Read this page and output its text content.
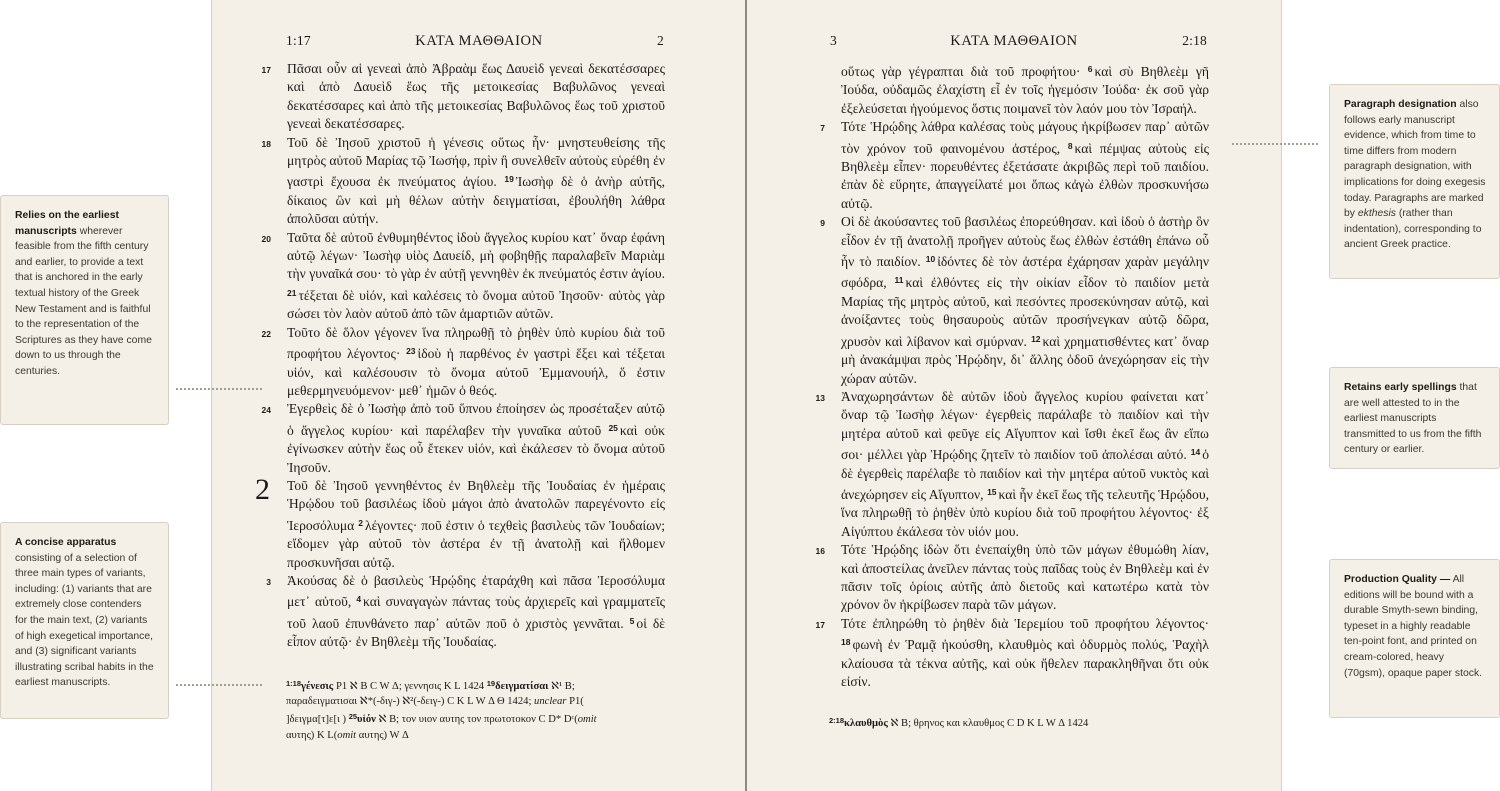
1:17	ΚΑΤΑ ΜΑΘΘΑΙΟΝ	2

17 Πᾶσαι οὖν αἱ γενεαὶ ἀπὸ Ἀβραὰμ ἕως Δαυεὶδ γενεαὶ δεκατέσσαρες καὶ ἀπὸ Δαυεὶδ ἕως τῆς μετοικεσίας Βαβυλῶνος γενεαὶ δεκατέσσαρες καὶ ἀπὸ τῆς μετοικεσίας Βαβυλῶνος ἕως τοῦ χριστοῦ γενεαὶ δεκατέσσαρες.

18 Τοῦ δὲ Ἰησοῦ χριστοῦ ἡ γένεσις οὕτως ἦν· μνηστευθείσης τῆς μητρὸς αὐτοῦ Μαρίας τῷ Ἰωσήφ, πρὶν ἢ συνελθεῖν αὐτοὺς εὑρέθη ἐν γαστρὶ ἔχουσα ἐκ πνεύματος ἁγίου. $^{19}$ Ἰωσὴφ δὲ ὁ ἀνὴρ αὐτῆς, δίκαιος ὢν καὶ μὴ θέλων αὐτὴν δειγματίσαι, ἐβουλήθη λάθρα ἀπολῦσαι αὐτήν.

20 Ταῦτα δὲ αὐτοῦ ἐνθυμηθέντος ἰδοὺ ἄγγελος κυρίου κατ᾽ ὄναρ ἐφάνη αὐτῷ λέγων· Ἰωσὴφ υἱὸς Δαυείδ, μὴ φοβηθῇς παραλαβεῖν Μαριὰμ τὴν γυναῖκά σου· τὸ γὰρ ἐν αὐτῇ γεννηθὲν ἐκ πνεύματός ἐστιν ἁγίου. $^{21}$ τέξεται δὲ υἱόν, καὶ καλέσεις τὸ ὄνομα αὐτοῦ Ἰησοῦν· αὐτὸς γὰρ σώσει τὸν λαὸν αὐτοῦ ἀπὸ τῶν ἁμαρτιῶν αὐτῶν.

22 Τοῦτο δὲ ὅλον γέγονεν ἵνα πληρωθῇ τὸ ῥηθὲν ὑπὸ κυρίου διὰ τοῦ προφήτου λέγοντος· $^{23}$ ἰδοὺ ἡ παρθένος ἐν γαστρὶ ἕξει καὶ τέξεται υἱόν, καὶ καλέσουσιν τὸ ὄνομα αὐτοῦ Ἐμμανουήλ, ὅ ἐστιν μεθερμηνευόμενον· μεθ᾽ ἡμῶν ὁ θεός.

24 Ἐγερθεὶς δὲ ὁ Ἰωσὴφ ἀπὸ τοῦ ὕπνου ἐποίησεν ὡς προσέταξεν αὐτῷ ὁ ἄγγελος κυρίου· καὶ παρέλαβεν τὴν γυναῖκα αὐτοῦ $^{25}$ καὶ οὐκ ἐγίνωσκεν αὐτὴν ἕως οὗ ἔτεκεν υἱόν, καὶ ἐκάλεσεν τὸ ὄνομα αὐτοῦ Ἰησοῦν.

2 Τοῦ δὲ Ἰησοῦ γεννηθέντος ἐν Βηθλεὲμ τῆς Ἰουδαίας ἐν ἡμέραις Ἡρῴδου τοῦ βασιλέως ἰδοὺ μάγοι ἀπὸ ἀνατολῶν παρεγένοντο εἰς Ἱεροσόλυμα $^2$ λέγοντες· ποῦ ἐστιν ὁ τεχθεὶς βασιλεὺς τῶν Ἰουδαίων; εἴδομεν γὰρ αὐτοῦ τὸν ἀστέρα ἐν τῇ ἀνατολῇ καὶ ἤλθομεν προσκυνῆσαι αὐτῷ.

3 Ἀκούσας δὲ ὁ βασιλεὺς Ἡρῴδης ἐταράχθη καὶ πᾶσα Ἱεροσόλυμα μετ᾽ αὐτοῦ, $^4$ καὶ συναγαγὼν πάντας τοὺς ἀρχιερεῖς καὶ γραμματεῖς τοῦ λαοῦ ἐπυνθάνετο παρ᾽ αὐτῶν ποῦ ὁ χριστὸς γεννᾶται. $^5$ οἱ δὲ εἶπον αὐτῷ· ἐν Βηθλεὲμ τῆς Ἰουδαίας.

$^{1:18}$γένεσις P1 ℵ B C W Δ; γεννησις K L 1424 $^{19}$δειγματίσαι ℵ¹ B; παραδειγματισαι ℵ*(-διγ-) ℵ²(-δειγ-) C K L W Δ Θ 1424; unclear P1( ]δειγμα[τ]ε[ι ) $^{25}$υἱόν ℵ B; τον υιον αυτης τον πρωτοτοκον C D* Dᶜ(omit αυτης) K L(omit αυτης) W Δ
3	ΚΑΤΑ ΜΑΘΘΑΙΟΝ	2:18

οὕτως γὰρ γέγραπται διὰ τοῦ προφήτου· $^6$ καὶ σὺ Βηθλεὲμ γῆ Ἰούδα, οὐδαμῶς ἐλαχίστη εἶ ἐν τοῖς ἡγεμόσιν Ἰούδα· ἐκ σοῦ γὰρ ἐξελεύσεται ἡγούμενος ὅστις ποιμανεῖ τὸν λαόν μου τὸν Ἰσραήλ.

7 Τότε Ἡρῴδης λάθρα καλέσας τοὺς μάγους ἠκρίβωσεν παρ᾽ αὐτῶν τὸν χρόνον τοῦ φαινομένου ἀστέρος, $^8$ καὶ πέμψας αὐτοὺς εἰς Βηθλεὲμ εἶπεν· πορευθέντες ἐξετάσατε ἀκριβῶς περὶ τοῦ παιδίου. ἐπὰν δὲ εὕρητε, ἀπαγγείλατέ μοι ὅπως κἀγὼ ἐλθὼν προσκυνήσω αὐτῷ.

9 Οἱ δὲ ἀκούσαντες τοῦ βασιλέως ἐπορεύθησαν. καὶ ἰδοὺ ὁ ἀστὴρ ὃν εἶδον ἐν τῇ ἀνατολῇ προῆγεν αὐτοὺς ἕως ἐλθὼν ἐστάθη ἐπάνω οὗ ἦν τὸ παιδίον. $^{10}$ ἰδόντες δὲ τὸν ἀστέρα ἐχάρησαν χαρὰν μεγάλην σφόδρα, $^{11}$ καὶ ἐλθόντες εἰς τὴν οἰκίαν εἶδον τὸ παιδίον μετὰ Μαρίας τῆς μητρὸς αὐτοῦ, καὶ πεσόντες προσεκύνησαν αὐτῷ, καὶ ἀνοίξαντες τοὺς θησαυροὺς αὐτῶν προσήνεγκαν αὐτῷ δῶρα, χρυσὸν καὶ λίβανον καὶ σμύρναν. $^{12}$ καὶ χρηματισθέντες κατ᾽ ὄναρ μὴ ἀνακάμψαι πρὸς Ἡρῴδην, δι᾽ ἄλλης ὁδοῦ ἀνεχώρησαν εἰς τὴν χώραν αὐτῶν.

13 Ἀναχωρησάντων δὲ αὐτῶν ἰδοὺ ἄγγελος κυρίου φαίνεται κατ᾽ ὄναρ τῷ Ἰωσὴφ λέγων· ἐγερθεὶς παράλαβε τὸ παιδίον καὶ τὴν μητέρα αὐτοῦ καὶ φεῦγε εἰς Αἴγυπτον καὶ ἴσθι ἐκεῖ ἕως ἂν εἴπω σοι· μέλλει γὰρ Ἡρῴδης ζητεῖν τὸ παιδίον τοῦ ἀπολέσαι αὐτό. $^{14}$ ὁ δὲ ἐγερθεὶς παρέλαβε τὸ παιδίον καὶ τὴν μητέρα αὐτοῦ νυκτὸς καὶ ἀνεχώρησεν εἰς Αἴγυπτον, $^{15}$ καὶ ἦν ἐκεῖ ἕως τῆς τελευτῆς Ἡρῴδου, ἵνα πληρωθῇ τὸ ῥηθὲν ὑπὸ κυρίου διὰ τοῦ προφήτου λέγοντος· ἐξ Αἰγύπτου ἐκάλεσα τὸν υἱόν μου.

16 Τότε Ἡρῴδης ἰδὼν ὅτι ἐνεπαίχθη ὑπὸ τῶν μάγων ἐθυμώθη λίαν, καὶ ἀποστείλας ἀνεῖλεν πάντας τοὺς παῖδας τοὺς ἐν Βηθλεὲμ καὶ ἐν πᾶσιν τοῖς ὁρίοις αὐτῆς ἀπὸ διετοῦς καὶ κατωτέρω κατὰ τὸν χρόνον ὃν ἠκρίβωσεν παρὰ τῶν μάγων.

17 Τότε ἐπληρώθη τὸ ῥηθὲν διὰ Ἱερεμίου τοῦ προφήτου λέγοντος· $^{18}$ φωνὴ ἐν Ῥαμᾷ ἠκούσθη, κλαυθμὸς καὶ ὀδυρμὸς πολύς, Ῥαχὴλ κλαίουσα τὰ τέκνα αὐτῆς, καὶ οὐκ ἤθελεν παρακληθῆναι ὅτι οὐκ εἰσίν.

$^{2:18}$κλαυθμὸς ℵ B; θρηνος και κλαυθμος C D K L W Δ 1424
Relies on the earliest manuscripts wherever feasible from the fifth century and earlier, to provide a text that is anchored in the early textual history of the Greek New Testament and is faithful to the representation of the Scriptures as they have come down to us through the centuries.
A concise apparatus consisting of a selection of three main types of variants, including: (1) variants that are extremely close contenders for the main text, (2) variants of high exegetical importance, and (3) significant variants illustrating scribal habits in the earliest manuscripts.
Paragraph designation also follows early manuscript evidence, which from time to time differs from modern paragraph designation, with implications for doing exegesis today. Paragraphs are marked by ekthesis (rather than indentation), corresponding to ancient Greek practice.
Retains early spellings that are well attested to in the earliest manuscripts transmitted to us from the fifth century or earlier.
Production Quality — All editions will be bound with a durable Smyth-sewn binding, typeset in a highly readable ten-point font, and printed on cream-colored, heavy (70gsm), opaque paper stock.
